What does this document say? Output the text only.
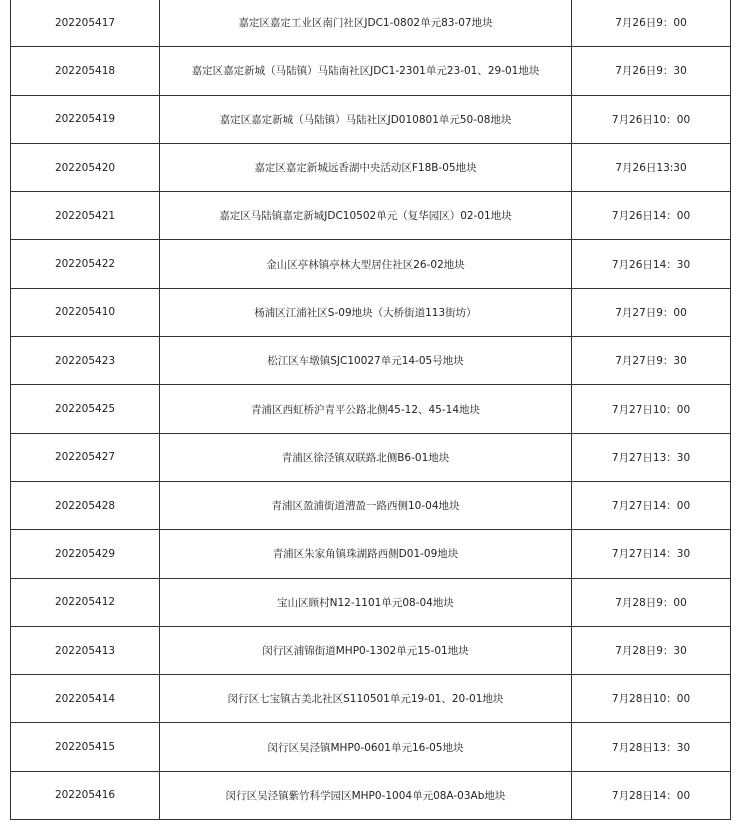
202205417	嘉定区嘉定工业区南门社区JDC1-0802单元83-07地块	7月26日9：00
202205418	嘉定区嘉定新城（马陆镇）马陆南社区JDC1-2301单元23-01、29-01地块	7月26日9：30
202205419	嘉定区嘉定新城（马陆镇）马陆社区JD010801单元50-08地块	7月26日10：00
202205420	嘉定区嘉定新城远香湖中央活动区F18B-05地块	7月26日13:30
202205421	嘉定区马陆镇嘉定新城JDC10502单元（复华园区）02-01地块	7月26日14：00
202205422	金山区亭林镇亭林大型居住社区26-02地块	7月26日14：30
202205410	杨浦区江浦社区S-09地块（大桥街道113街坊）	7月27日9：00
202205423	松江区车墩镇SJC10027单元14-05号地块	7月27日9：30
202205425	青浦区西虹桥沪青平公路北侧45-12、45-14地块	7月27日10：00
202205427	青浦区徐泾镇双联路北侧B6-01地块	7月27日13：30
202205428	青浦区盈浦街道漕盈一路西侧10-04地块	7月27日14：00
202205429	青浦区朱家角镇珠湖路西侧D01-09地块	7月27日14：30
202205412	宝山区顾村N12-1101单元08-04地块	7月28日9：00
202205413	闵行区浦锦街道MHP0-1302单元15-01地块	7月28日9：30
202205414	闵行区七宝镇古美北社区S110501单元19-01、20-01地块	7月28日10：00
202205415	闵行区吴泾镇MHP0-0601单元16-05地块	7月28日13：30
202205416	闵行区吴泾镇紫竹科学园区MHP0-1004单元08A-03Ab地块	7月28日14：00
